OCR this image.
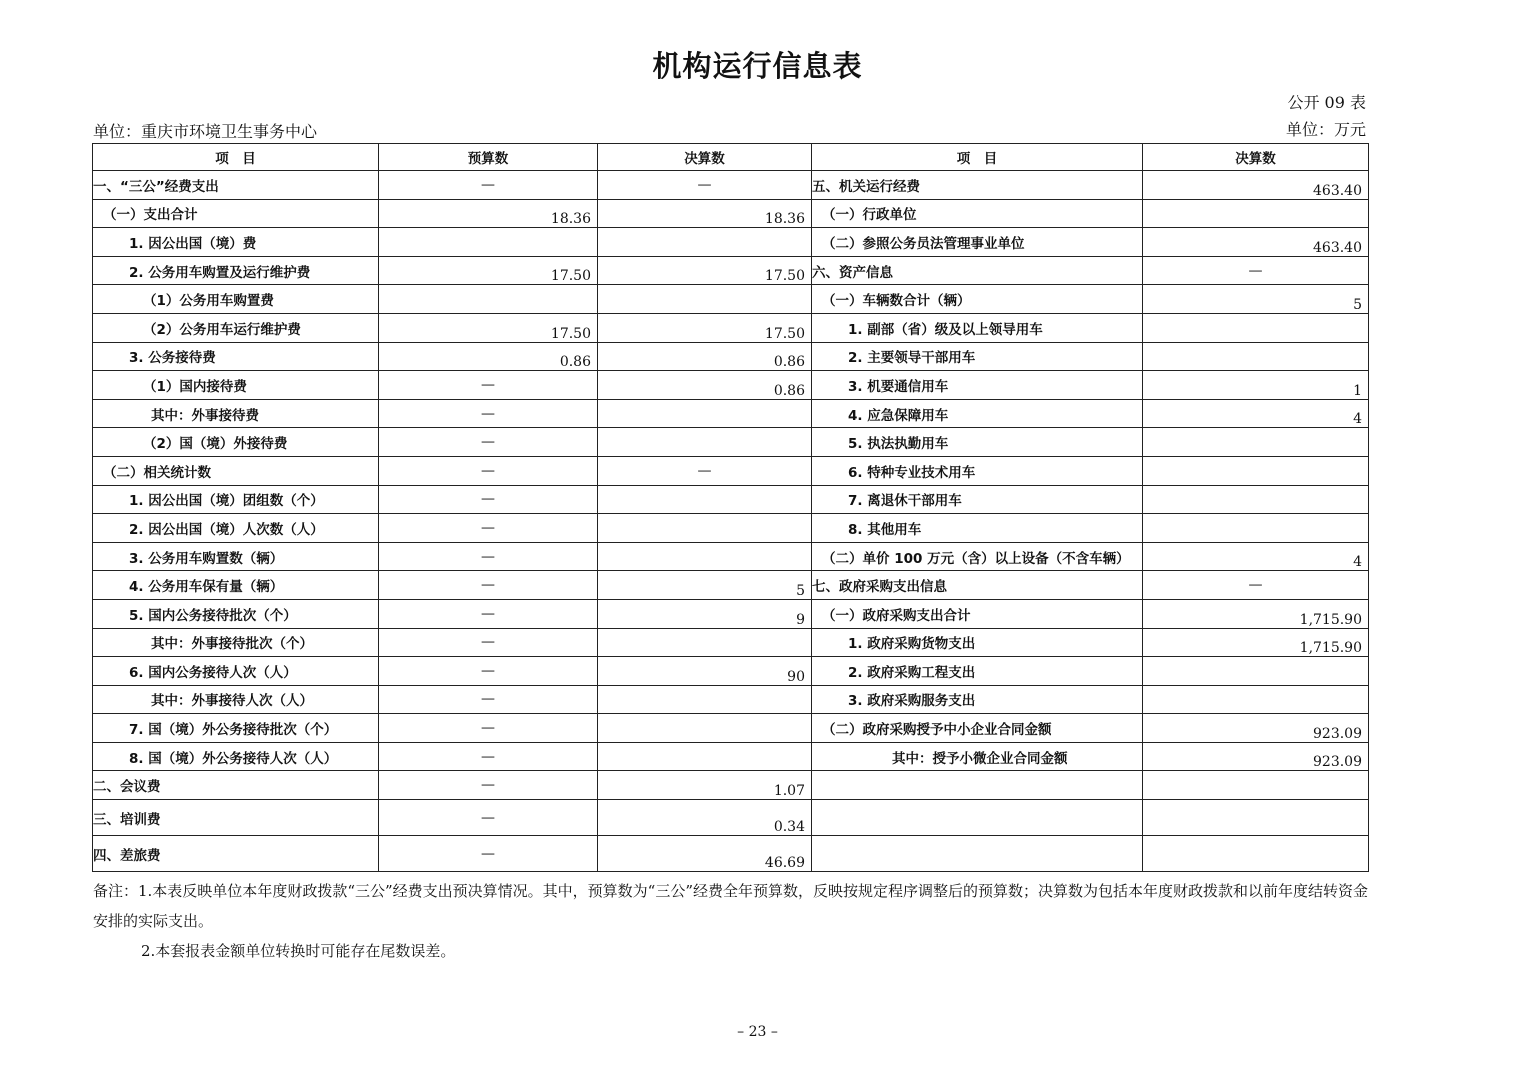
机构运行信息表
公开 09 表
单位：重庆市环境卫生事务中心	单位：万元
项　目	预算数	决算数	项　目	决算数
一、“三公”经费支出	—	—	五、机关运行经费	463.40
（一）支出合计	18.36	18.36	（一）行政单位	
1. 因公出国（境）费			（二）参照公务员法管理事业单位	463.40
2. 公务用车购置及运行维护费	17.50	17.50	六、资产信息	—
（1）公务用车购置费			（一）车辆数合计（辆）	5
（2）公务用车运行维护费	17.50	17.50	1. 副部（省）级及以上领导用车	
3. 公务接待费	0.86	0.86	2. 主要领导干部用车	
（1）国内接待费	—	0.86	3. 机要通信用车	1
其中：外事接待费	—		4. 应急保障用车	4
（2）国（境）外接待费	—		5. 执法执勤用车	
（二）相关统计数	—	—	6. 特种专业技术用车	
1. 因公出国（境）团组数（个）	—		7. 离退休干部用车	
2. 因公出国（境）人次数（人）	—		8. 其他用车	
3. 公务用车购置数（辆）	—		（二）单价 100 万元（含）以上设备（不含车辆）	4
4. 公务用车保有量（辆）	—	5	七、政府采购支出信息	—
5. 国内公务接待批次（个）	—	9	（一）政府采购支出合计	1,715.90
其中：外事接待批次（个）	—		1. 政府采购货物支出	1,715.90
6. 国内公务接待人次（人）	—	90	2. 政府采购工程支出	
其中：外事接待人次（人）	—		3. 政府采购服务支出	
7. 国（境）外公务接待批次（个）	—		（二）政府采购授予中小企业合同金额	923.09
8. 国（境）外公务接待人次（人）	—		其中：授予小微企业合同金额	923.09
二、会议费	—	1.07		
三、培训费	—	0.34		
四、差旅费	—	46.69		

备注：1.本表反映单位本年度财政拨款“三公”经费支出预决算情况。其中，预算数为“三公”经费全年预算数，反映按规定程序调整后的预算数；决算数为包括本年度财政拨款和以前年度结转资金安排的实际支出。

2.本套报表金额单位转换时可能存在尾数误差。

– 23 –
